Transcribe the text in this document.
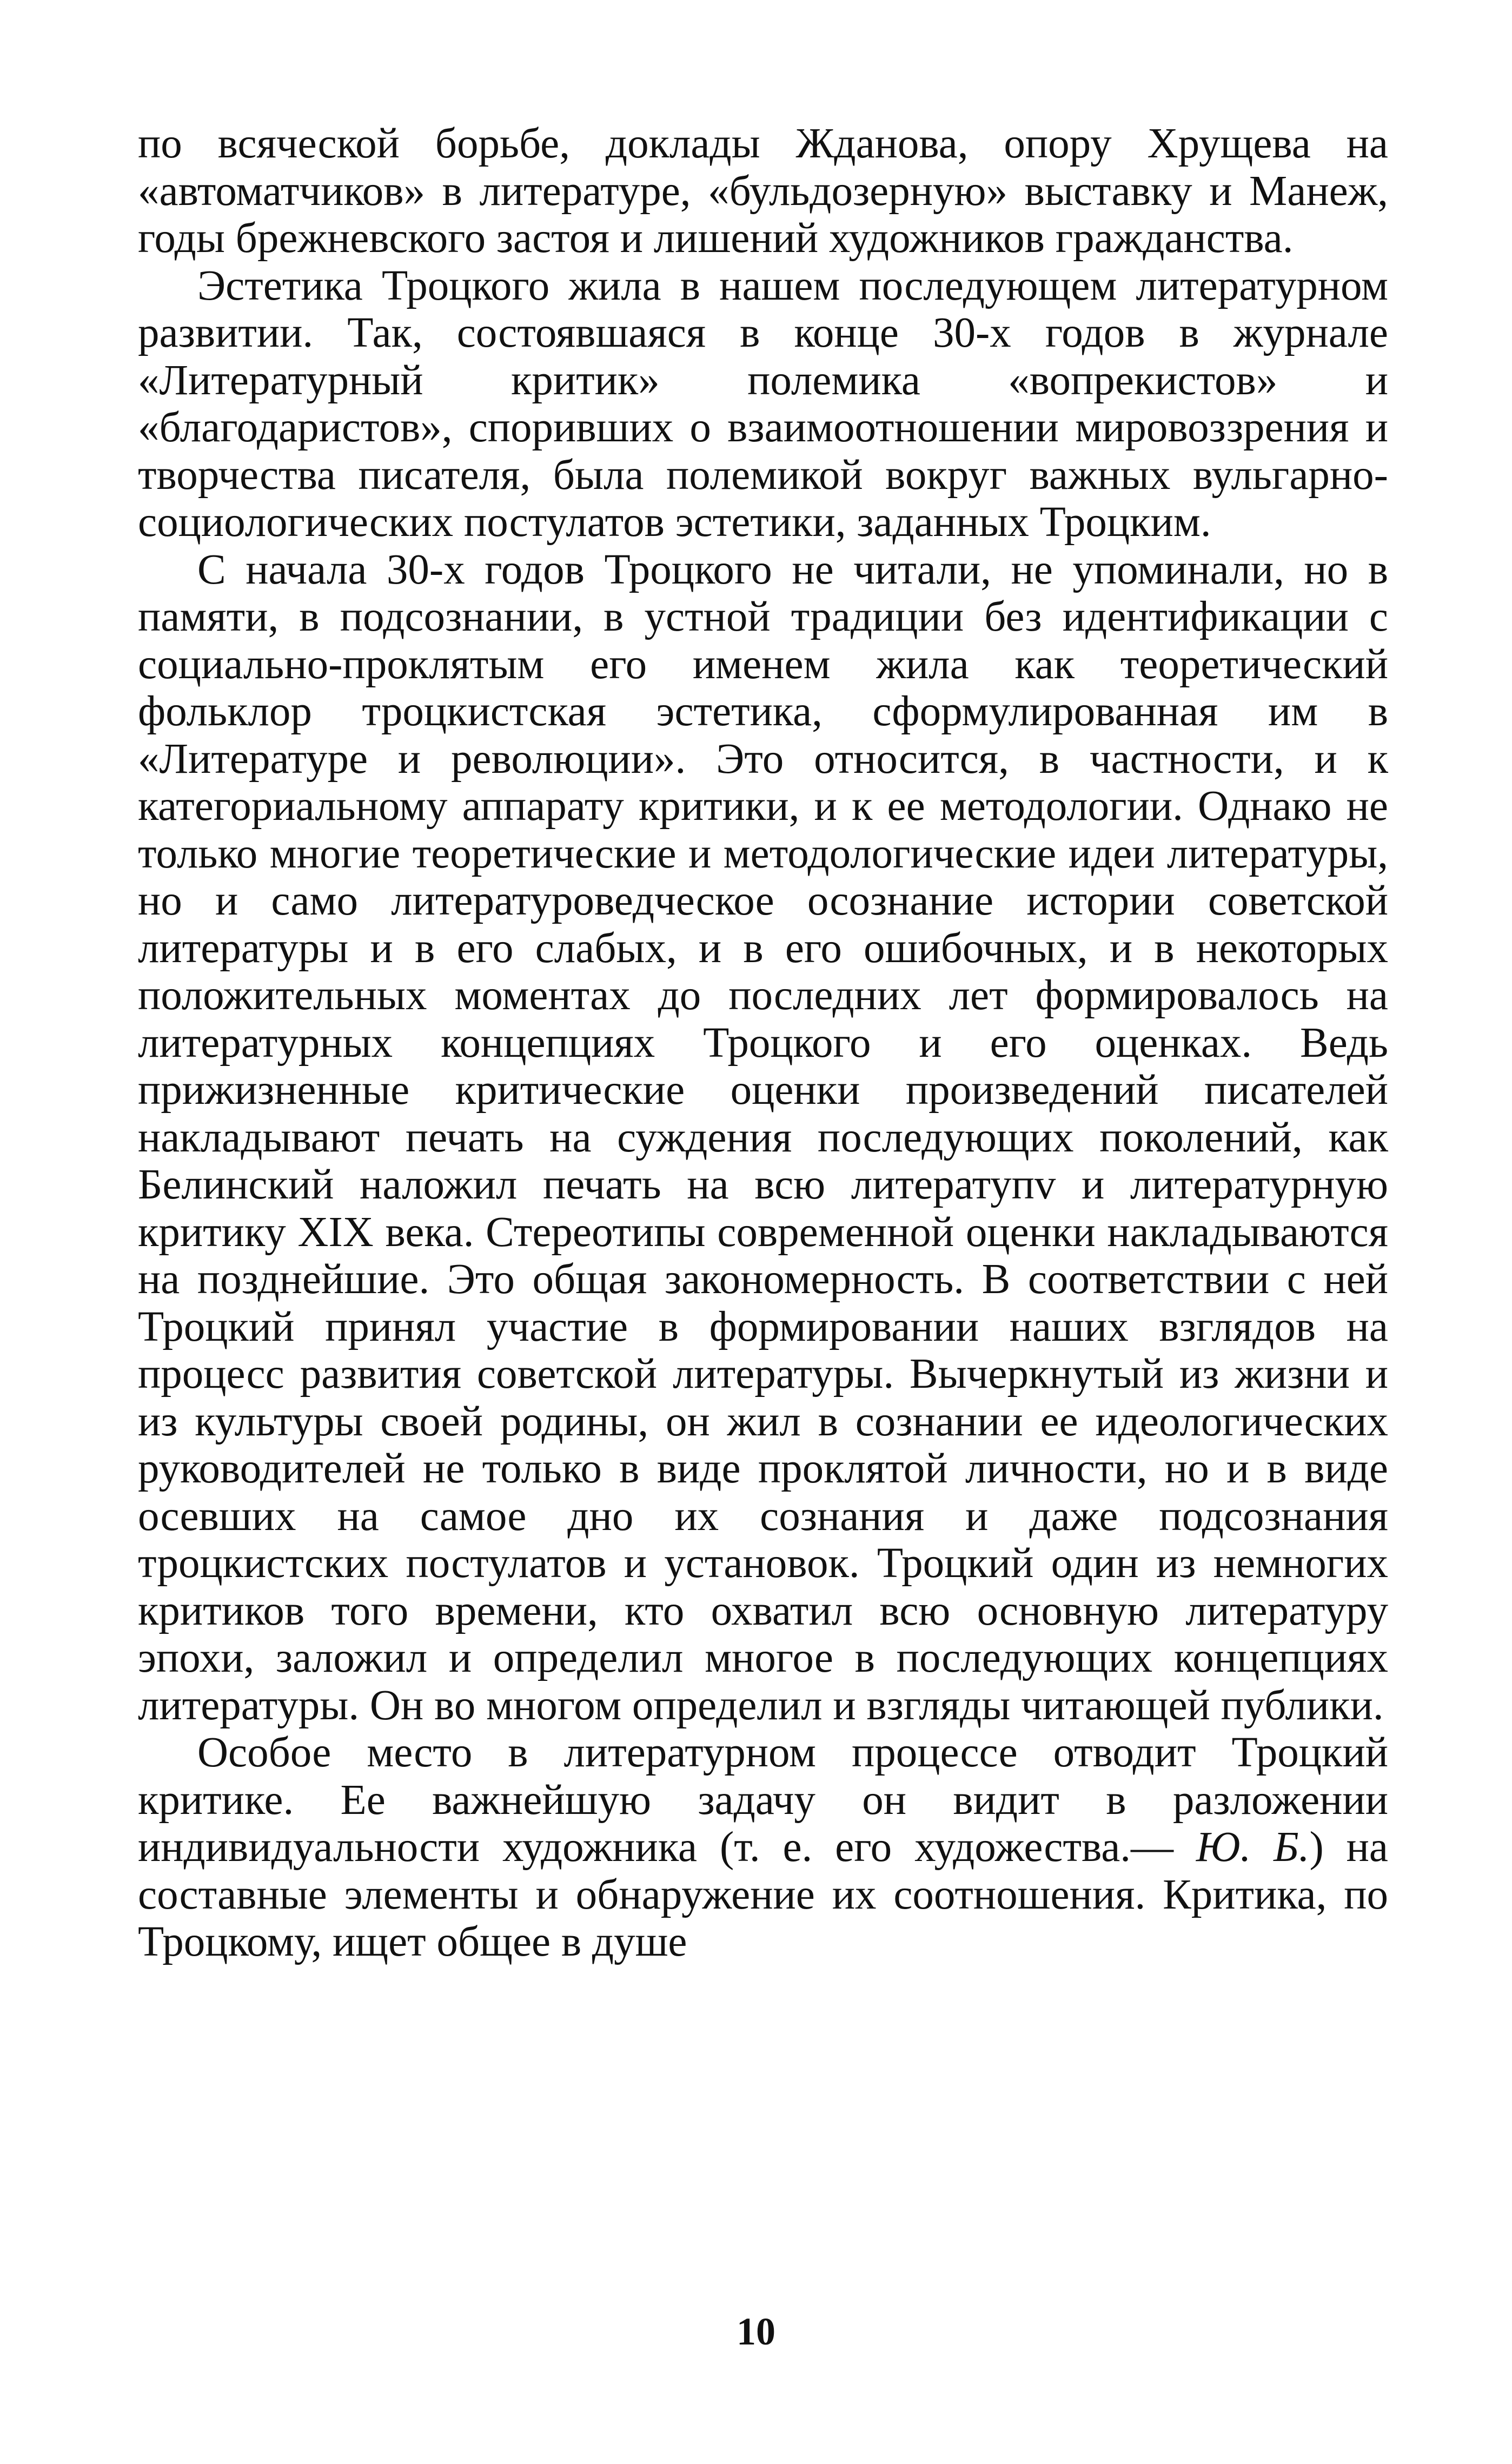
по всяческой борьбе, доклады Жданова, опору Хрущева на «автоматчиков» в литературе, «бульдозерную» выставку и Манеж, годы брежневского застоя и лишений художников гражданства.

Эстетика Троцкого жила в нашем последующем литературном развитии. Так, состоявшаяся в конце 30-х годов в журнале «Литературный критик» полемика «вопрекистов» и «благодаристов», споривших о взаимоотношении мировоззрения и творчества писателя, была полемикой вокруг важных вульгарно-социологических постулатов эстетики, заданных Троцким.

С начала 30-х годов Троцкого не читали, не упоминали, но в памяти, в подсознании, в устной традиции без идентификации с социально-проклятым его именем жила как теоретический фольклор троцкистская эстетика, сформулированная им в «Литературе и революции». Это относится, в частности, и к категориальному аппарату критики, и к ее методологии. Однако не только многие теоретические и методологические идеи литературы, но и само литературоведческое осознание истории советской литературы и в его слабых, и в его ошибочных, и в некоторых положительных моментах до последних лет формировалось на литературных концепциях Троцкого и его оценках. Ведь прижизненные критические оценки произведений писателей накладывают печать на суждения последующих поколений, как Белинский наложил печать на всю литератупv и литературную критику XIX века. Стереотипы современной оценки накладываются на позднейшие. Это общая закономерность. В соответствии с ней Троцкий принял участие в формировании наших взглядов на процесс развития советской литературы. Вычеркнутый из жизни и из культуры своей родины, он жил в сознании ее идеологических руководителей не только в виде проклятой личности, но и в виде осевших на самое дно их сознания и даже подсознания троцкистских постулатов и установок. Троцкий один из немногих критиков того времени, кто охватил всю основную литературу эпохи, заложил и определил многое в последующих концепциях литературы. Он во многом определил и взгляды читающей публики.

Особое место в литературном процессе отводит Троцкий критике. Ее важнейшую задачу он видит в разложении индивидуальности художника (т. е. его художества.— Ю. Б.) на составные элементы и обнаружение их соотношения. Критика, по Троцкому, ищет общее в душе

10
